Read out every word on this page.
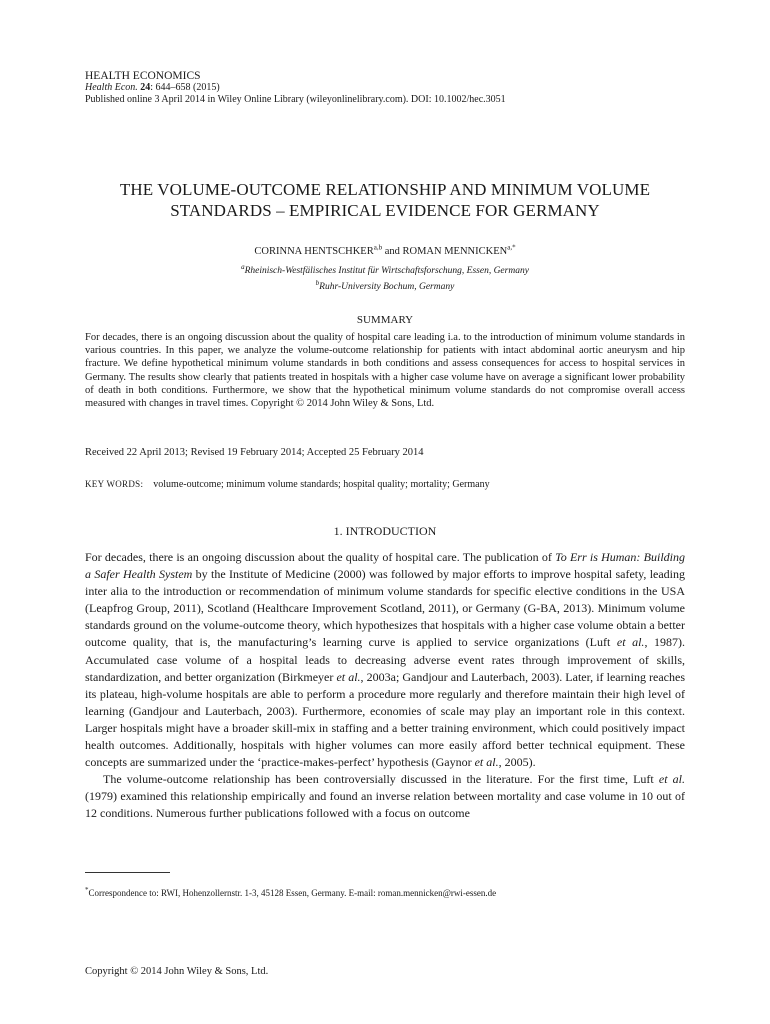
HEALTH ECONOMICS
Health Econ. 24: 644–658 (2015)
Published online 3 April 2014 in Wiley Online Library (wileyonlinelibrary.com). DOI: 10.1002/hec.3051
THE VOLUME-OUTCOME RELATIONSHIP AND MINIMUM VOLUME
STANDARDS – EMPIRICAL EVIDENCE FOR GERMANY
CORINNA HENTSCHKER$^{a,b}$ and ROMAN $MENNICKEN^{a,*}$
$^a$Rheinisch-Westfälisches Institut für Wirtschaftsforschung, Essen, Germany
$^b$Ruhr-University Bochum, Germany
SUMMARY
For decades, there is an ongoing discussion about the quality of hospital care leading i.a. to the introduction of minimum volume standards in various countries. In this paper, we analyze the volume-outcome relationship for patients with intact abdominal aortic aneurysm and hip fracture. We define hypothetical minimum volume standards in both conditions and assess consequences for access to hospital services in Germany. The results show clearly that patients treated in hospitals with a higher case volume have on average a significant lower probability of death in both conditions. Furthermore, we show that the hypothetical minimum volume standards do not compromise overall access measured with changes in travel times. Copyright © 2014 John Wiley & Sons, Ltd.
Received 22 April 2013; Revised 19 February 2014; Accepted 25 February 2014
KEY WORDS: volume-outcome; minimum volume standards; hospital quality; mortality; Germany
1. INTRODUCTION

For decades, there is an ongoing discussion about the quality of hospital care. The publication of To Err is Human: Building a Safer Health System by the Institute of Medicine (2000) was followed by major efforts to improve hospital safety, leading inter alia to the introduction or recommendation of minimum volume standards for specific elective conditions in the USA (Leapfrog Group, 2011), Scotland (Healthcare Improvement Scotland, 2011), or Germany (G-BA, 2013). Minimum volume standards ground on the volume-outcome theory, which hypothesizes that hospitals with a higher case volume obtain a better outcome quality, that is, the manufacturing’s learning curve is applied to service organizations (Luft et al., 1987). Accumulated case volume of a hospital leads to decreasing adverse event rates through improvement of skills, standardization, and better organization (Birkmeyer et al., 2003a; Gandjour and Lauterbach, 2003). Later, if learning reaches its plateau, high-volume hospitals are able to perform a procedure more regularly and therefore maintain their high level of learning (Gandjour and Lauterbach, 2003). Furthermore, economies of scale may play an important role in this context. Larger hospitals might have a broader skill-mix in staffing and a better training environment, which could positively impact health outcomes. Additionally, hospitals with higher volumes can more easily afford better technical equipment. These concepts are summarized under the ‘practice-makes-perfect’ hypothesis (Gaynor et al., 2005).

The volume-outcome relationship has been controversially discussed in the literature. For the first time, Luft et al. (1979) examined this relationship empirically and found an inverse relation between mortality and case volume in 10 out of 12 conditions. Numerous further publications followed with a focus on outcome

*Correspondence to: RWI, Hohenzollernstr. 1-3, 45128 Essen, Germany. E-mail: roman.mennicken@rwi-essen.de
Copyright © 2014 John Wiley & Sons, Ltd.
